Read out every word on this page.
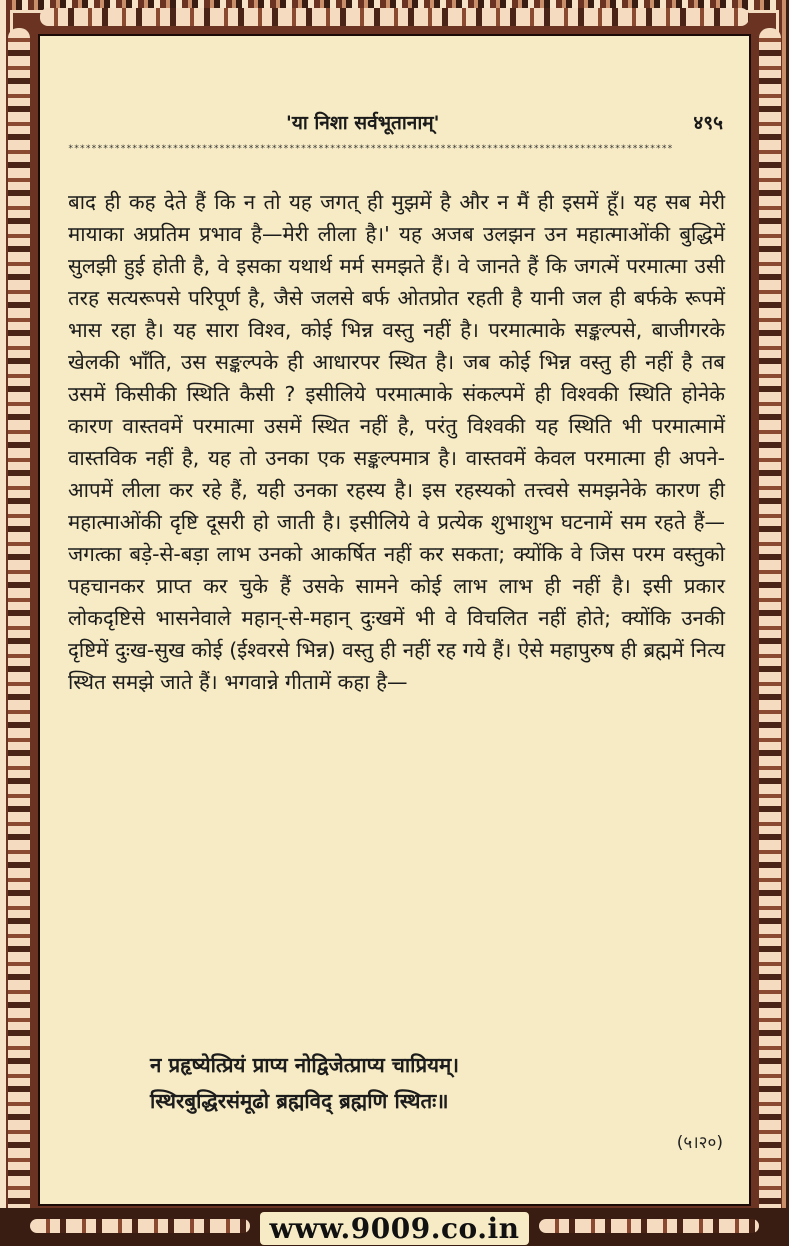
'या निशा सर्वभूतानाम्'	४९५
********************************************************************************************************

बाद ही कह देते हैं कि न तो यह जगत् ही मुझमें है और न मैं ही इसमें हूँ। यह सब मेरी मायाका अप्रतिम प्रभाव है—मेरी लीला है।' यह अजब उलझन उन महात्माओंकी बुद्धिमें सुलझी हुई होती है, वे इसका यथार्थ मर्म समझते हैं। वे जानते हैं कि जगत्में परमात्मा उसी तरह सत्यरूपसे परिपूर्ण है, जैसे जलसे बर्फ ओतप्रोत रहती है यानी जल ही बर्फके रूपमें भास रहा है। यह सारा विश्व, कोई भिन्न वस्तु नहीं है। परमात्माके सङ्कल्पसे, बाजीगरके खेलकी भाँति, उस सङ्कल्पके ही आधारपर स्थित है। जब कोई भिन्न वस्तु ही नहीं है तब उसमें किसीकी स्थिति कैसी ? इसीलिये परमात्माके संकल्पमें ही विश्वकी स्थिति होनेके कारण वास्तवमें परमात्मा उसमें स्थित नहीं है, परंतु विश्वकी यह स्थिति भी परमात्मामें वास्तविक नहीं है, यह तो उनका एक सङ्कल्पमात्र है। वास्तवमें केवल परमात्मा ही अपने-आपमें लीला कर रहे हैं, यही उनका रहस्य है। इस रहस्यको तत्त्वसे समझनेके कारण ही महात्माओंकी दृष्टि दूसरी हो जाती है। इसीलिये वे प्रत्येक शुभाशुभ घटनामें सम रहते हैं—जगत्का बड़े-से-बड़ा लाभ उनको आकर्षित नहीं कर सकता; क्योंकि वे जिस परम वस्तुको पहचानकर प्राप्त कर चुके हैं उसके सामने कोई लाभ लाभ ही नहीं है। इसी प्रकार लोकदृष्टिसे भासनेवाले महान्-से-महान् दुःखमें भी वे विचलित नहीं होते; क्योंकि उनकी दृष्टिमें दुःख-सुख कोई (ईश्वरसे भिन्न) वस्तु ही नहीं रह गये हैं। ऐसे महापुरुष ही ब्रह्ममें नित्य स्थित समझे जाते हैं। भगवान्ने गीतामें कहा है—

न प्रहृष्येत्प्रियं प्राप्य नोद्विजेत्प्राप्य चाप्रियम्।
स्थिरबुद्धिरसंमूढो ब्रह्मविद् ब्रह्मणि स्थितः॥
(५।२०)
www.9009.co.in
